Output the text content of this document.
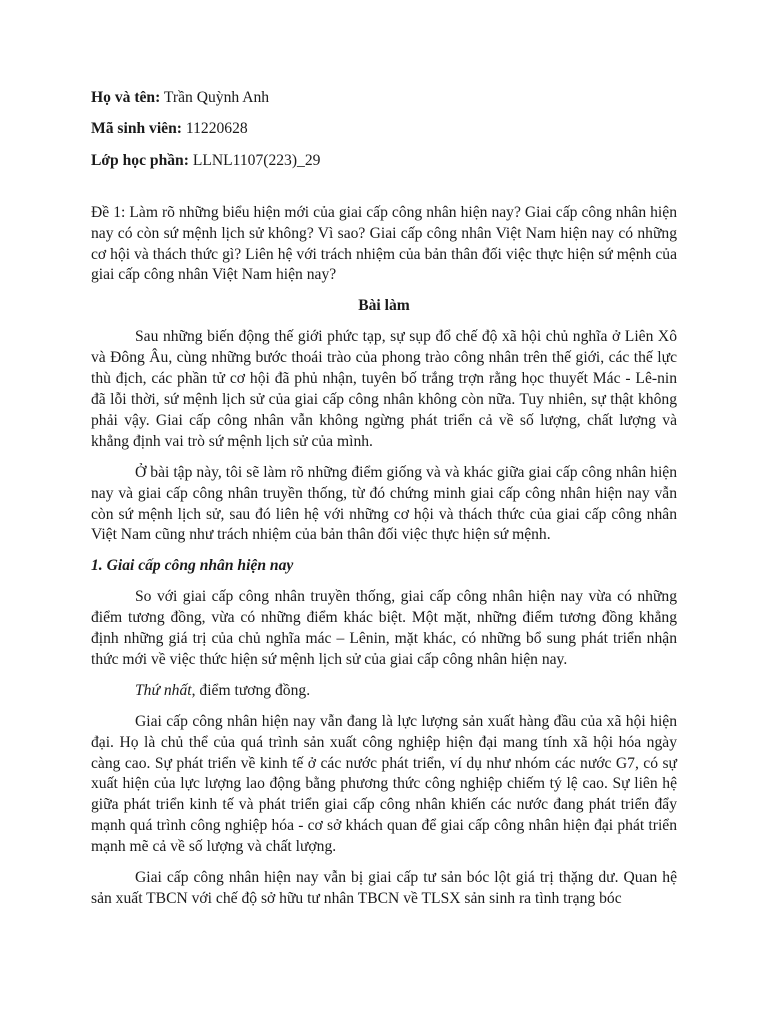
Họ và tên: Trần Quỳnh Anh
Mã sinh viên: 11220628
Lớp học phần: LLNL1107(223)_29
Đề 1: Làm rõ những biểu hiện mới của giai cấp công nhân hiện nay? Giai cấp công nhân hiện nay có còn sứ mệnh lịch sử không? Vì sao? Giai cấp công nhân Việt Nam hiện nay có những cơ hội và thách thức gì? Liên hệ với trách nhiệm của bản thân đối việc thực hiện sứ mệnh của giai cấp công nhân Việt Nam hiện nay?
Bài làm

Sau những biến động thế giới phức tạp, sự sụp đổ chế độ xã hội chủ nghĩa ở Liên Xô và Đông Âu, cùng những bước thoái trào của phong trào công nhân trên thế giới, các thế lực thù địch, các phần tử cơ hội đã phủ nhận, tuyên bố trắng trợn rằng học thuyết Mác - Lê-nin đã lỗi thời, sứ mệnh lịch sử của giai cấp công nhân không còn nữa. Tuy nhiên, sự thật không phải vậy. Giai cấp công nhân vẫn không ngừng phát triển cả về số lượng, chất lượng và khẳng định vai trò sứ mệnh lịch sử của mình.

Ở bài tập này, tôi sẽ làm rõ những điểm giống và và khác giữa giai cấp công nhân hiện nay và giai cấp công nhân truyền thống, từ đó chứng minh giai cấp công nhân hiện nay vẫn còn sứ mệnh lịch sử, sau đó liên hệ với những cơ hội và thách thức của giai cấp công nhân Việt Nam cũng như trách nhiệm của bản thân đối việc thực hiện sứ mệnh.

1. Giai cấp công nhân hiện nay

So với giai cấp công nhân truyền thống, giai cấp công nhân hiện nay vừa có những điểm tương đồng, vừa có những điểm khác biệt. Một mặt, những điểm tương đồng khẳng định những giá trị của chủ nghĩa mác – Lênin, mặt khác, có những bổ sung phát triển nhận thức mới về việc thức hiện sứ mệnh lịch sử của giai cấp công nhân hiện nay.

Thứ nhất, điểm tương đồng.

Giai cấp công nhân hiện nay vẫn đang là lực lượng sản xuất hàng đầu của xã hội hiện đại. Họ là chủ thể của quá trình sản xuất công nghiệp hiện đại mang tính xã hội hóa ngày càng cao. Sự phát triển về kinh tế ở các nước phát triển, ví dụ như nhóm các nước G7, có sự xuất hiện của lực lượng lao động bằng phương thức công nghiệp chiếm tý lệ cao. Sự liên hệ giữa phát triển kinh tế và phát triển giai cấp công nhân khiến các nước đang phát triển đẩy mạnh quá trình công nghiệp hóa - cơ sở khách quan để giai cấp công nhân hiện đại phát triển mạnh mẽ cả về số lượng và chất lượng.

Giai cấp công nhân hiện nay vẫn bị giai cấp tư sản bóc lột giá trị thặng dư. Quan hệ sản xuất TBCN với chế độ sở hữu tư nhân TBCN về TLSX sản sinh ra tình trạng bóc
